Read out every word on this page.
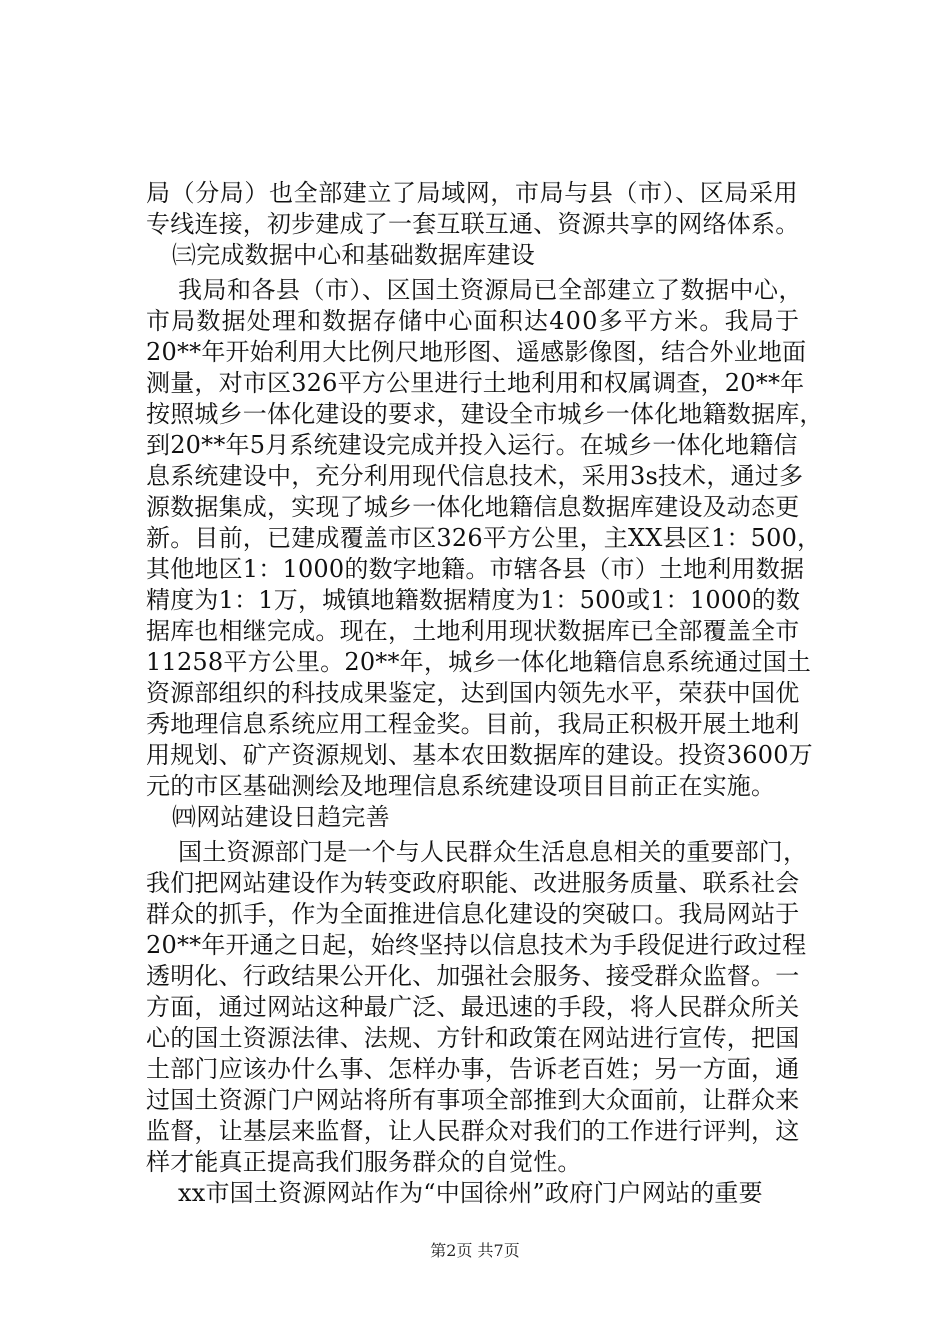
局（分局）也全部建立了局域网，市局与县（市）、区局采用
专线连接，初步建成了一套互联互通、资源共享的网络体系。
㈢完成数据中心和基础数据库建设
我局和各县（市）、区国土资源局已全部建立了数据中心，
市局数据处理和数据存储中心面积达400多平方米。我局于
20**年开始利用大比例尺地形图、遥感影像图，结合外业地面
测量，对市区326平方公里进行土地利用和权属调查，20**年
按照城乡一体化建设的要求，建设全市城乡一体化地籍数据库，
到20**年5月系统建设完成并投入运行。在城乡一体化地籍信
息系统建设中，充分利用现代信息技术，采用3s技术，通过多
源数据集成，实现了城乡一体化地籍信息数据库建设及动态更
新。目前，已建成覆盖市区326平方公里，主XX县区1：500，
其他地区1：1000的数字地籍。市辖各县（市）土地利用数据
精度为1：1万，城镇地籍数据精度为1：500或1：1000的数
据库也相继完成。现在，土地利用现状数据库已全部覆盖全市
11258平方公里。20**年，城乡一体化地籍信息系统通过国土
资源部组织的科技成果鉴定，达到国内领先水平，荣获中国优
秀地理信息系统应用工程金奖。目前，我局正积极开展土地利
用规划、矿产资源规划、基本农田数据库的建设。投资3600万
元的市区基础测绘及地理信息系统建设项目目前正在实施。
㈣网站建设日趋完善
国土资源部门是一个与人民群众生活息息相关的重要部门，
我们把网站建设作为转变政府职能、改进服务质量、联系社会
群众的抓手，作为全面推进信息化建设的突破口。我局网站于
20**年开通之日起，始终坚持以信息技术为手段促进行政过程
透明化、行政结果公开化、加强社会服务、接受群众监督。一
方面，通过网站这种最广泛、最迅速的手段，将人民群众所关
心的国土资源法律、法规、方针和政策在网站进行宣传，把国
土部门应该办什么事、怎样办事，告诉老百姓；另一方面，通
过国土资源门户网站将所有事项全部推到大众面前，让群众来
监督，让基层来监督，让人民群众对我们的工作进行评判，这
样才能真正提高我们服务群众的自觉性。
xx市国土资源网站作为“中国徐州”政府门户网站的重要
第2页 共7页
